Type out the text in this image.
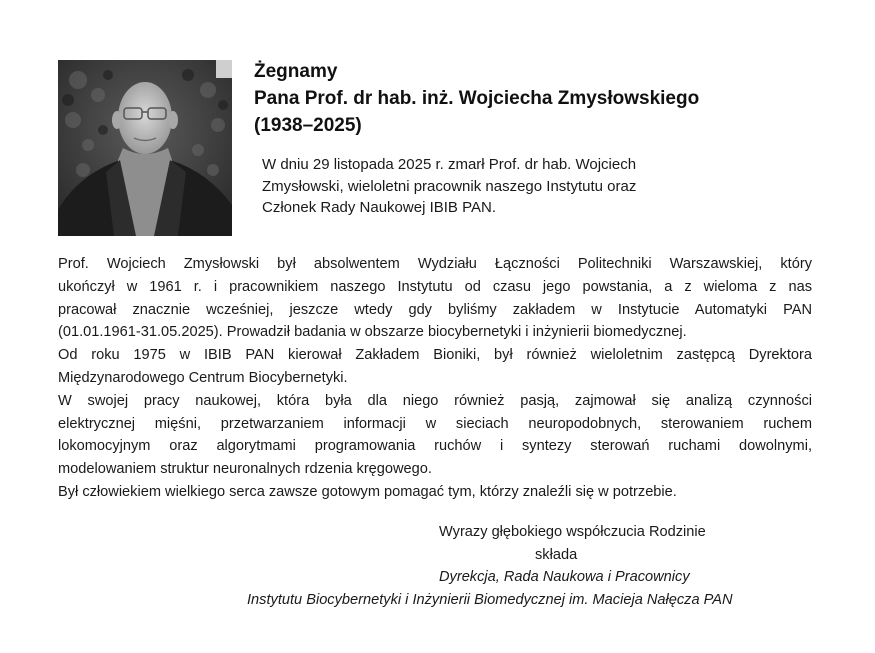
Żegnamy
Pana Prof. dr hab. inż. Wojciecha Zmysłowskiego
(1938–2025)
W dniu 29 listopada 2025 r. zmarł Prof. dr hab. Wojciech
Zmysłowski, wieloletni pracownik naszego Instytutu oraz
Członek Rady Naukowej IBIB PAN.
Prof. Wojciech Zmysłowski był absolwentem Wydziału Łączności Politechniki Warszawskiej, który
ukończył w 1961 r. i pracownikiem naszego Instytutu od czasu jego powstania, a z wieloma z nas
pracował znacznie wcześniej, jeszcze wtedy gdy byliśmy zakładem w Instytucie Automatyki PAN
(01.01.1961-31.05.2025). Prowadził badania w obszarze biocybernetyki i inżynierii biomedycznej.
Od roku 1975 w IBIB PAN kierował Zakładem Bioniki, był również wieloletnim zastępcą Dyrektora
Międzynarodowego Centrum Biocybernetyki.
W swojej pracy naukowej, która była dla niego również pasją, zajmował się analizą czynności
elektrycznej mięśni, przetwarzaniem informacji w sieciach neuropodobnych, sterowaniem ruchem
lokomocyjnym oraz algorytmami programowania ruchów i syntezy sterowań ruchami dowolnymi,
modelowaniem struktur neuronalnych rdzenia kręgowego.
Był człowiekiem wielkiego serca zawsze gotowym pomagać tym, którzy znaleźli się w potrzebie.
Wyrazy głębokiego współczucia Rodzinie
składa
Dyrekcja, Rada Naukowa i Pracownicy
Instytutu Biocybernetyki i Inżynierii Biomedycznej im. Macieja Nałęcza PAN
